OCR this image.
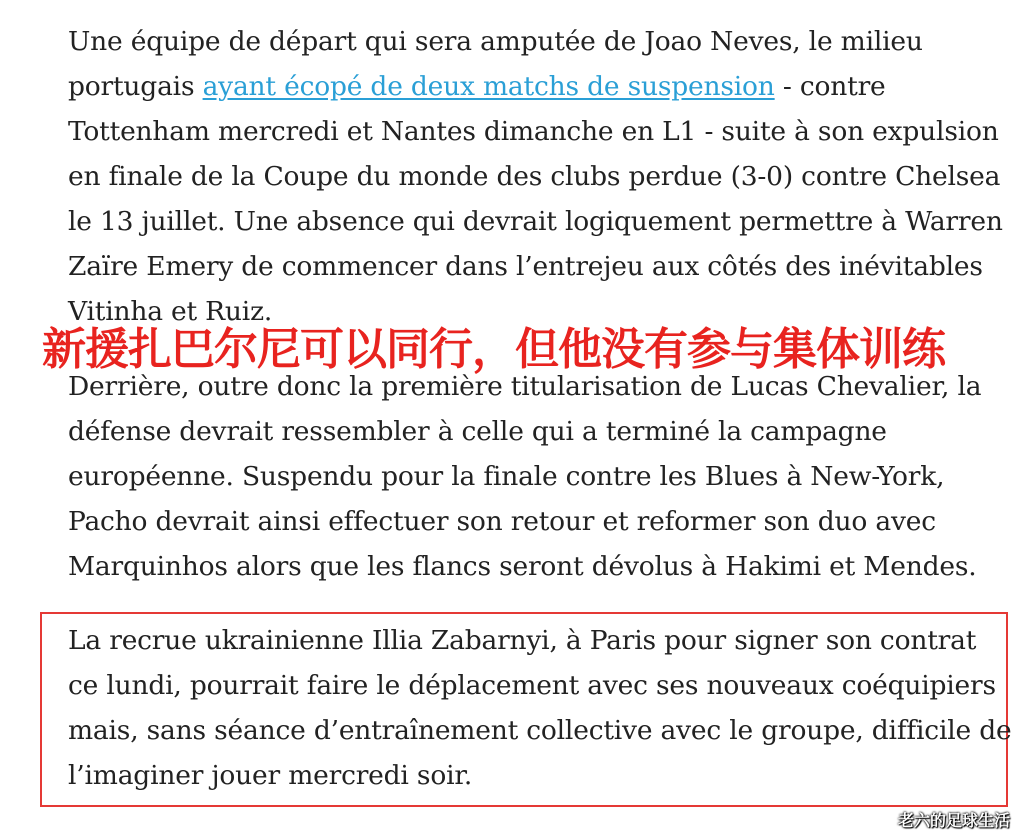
Une équipe de départ qui sera amputée de Joao Neves, le milieu
portugais ayant écopé de deux matchs de suspension - contre
Tottenham mercredi et Nantes dimanche en L1 - suite à son expulsion
en finale de la Coupe du monde des clubs perdue (3-0) contre Chelsea
le 13 juillet. Une absence qui devrait logiquement permettre à Warren
Zaïre Emery de commencer dans l’entrejeu aux côtés des inévitables
Vitinha et Ruiz.
新援扎巴尔尼可以同行，但他没有参与集体训练
Derrière, outre donc la première titularisation de Lucas Chevalier, la
défense devrait ressembler à celle qui a terminé la campagne
européenne. Suspendu pour la finale contre les Blues à New-York,
Pacho devrait ainsi effectuer son retour et reformer son duo avec
Marquinhos alors que les flancs seront dévolus à Hakimi et Mendes.
La recrue ukrainienne Illia Zabarnyi, à Paris pour signer son contrat
ce lundi, pourrait faire le déplacement avec ses nouveaux coéquipiers
mais, sans séance d’entraînement collective avec le groupe, difficile de
l’imaginer jouer mercredi soir.
老六的足球生活
